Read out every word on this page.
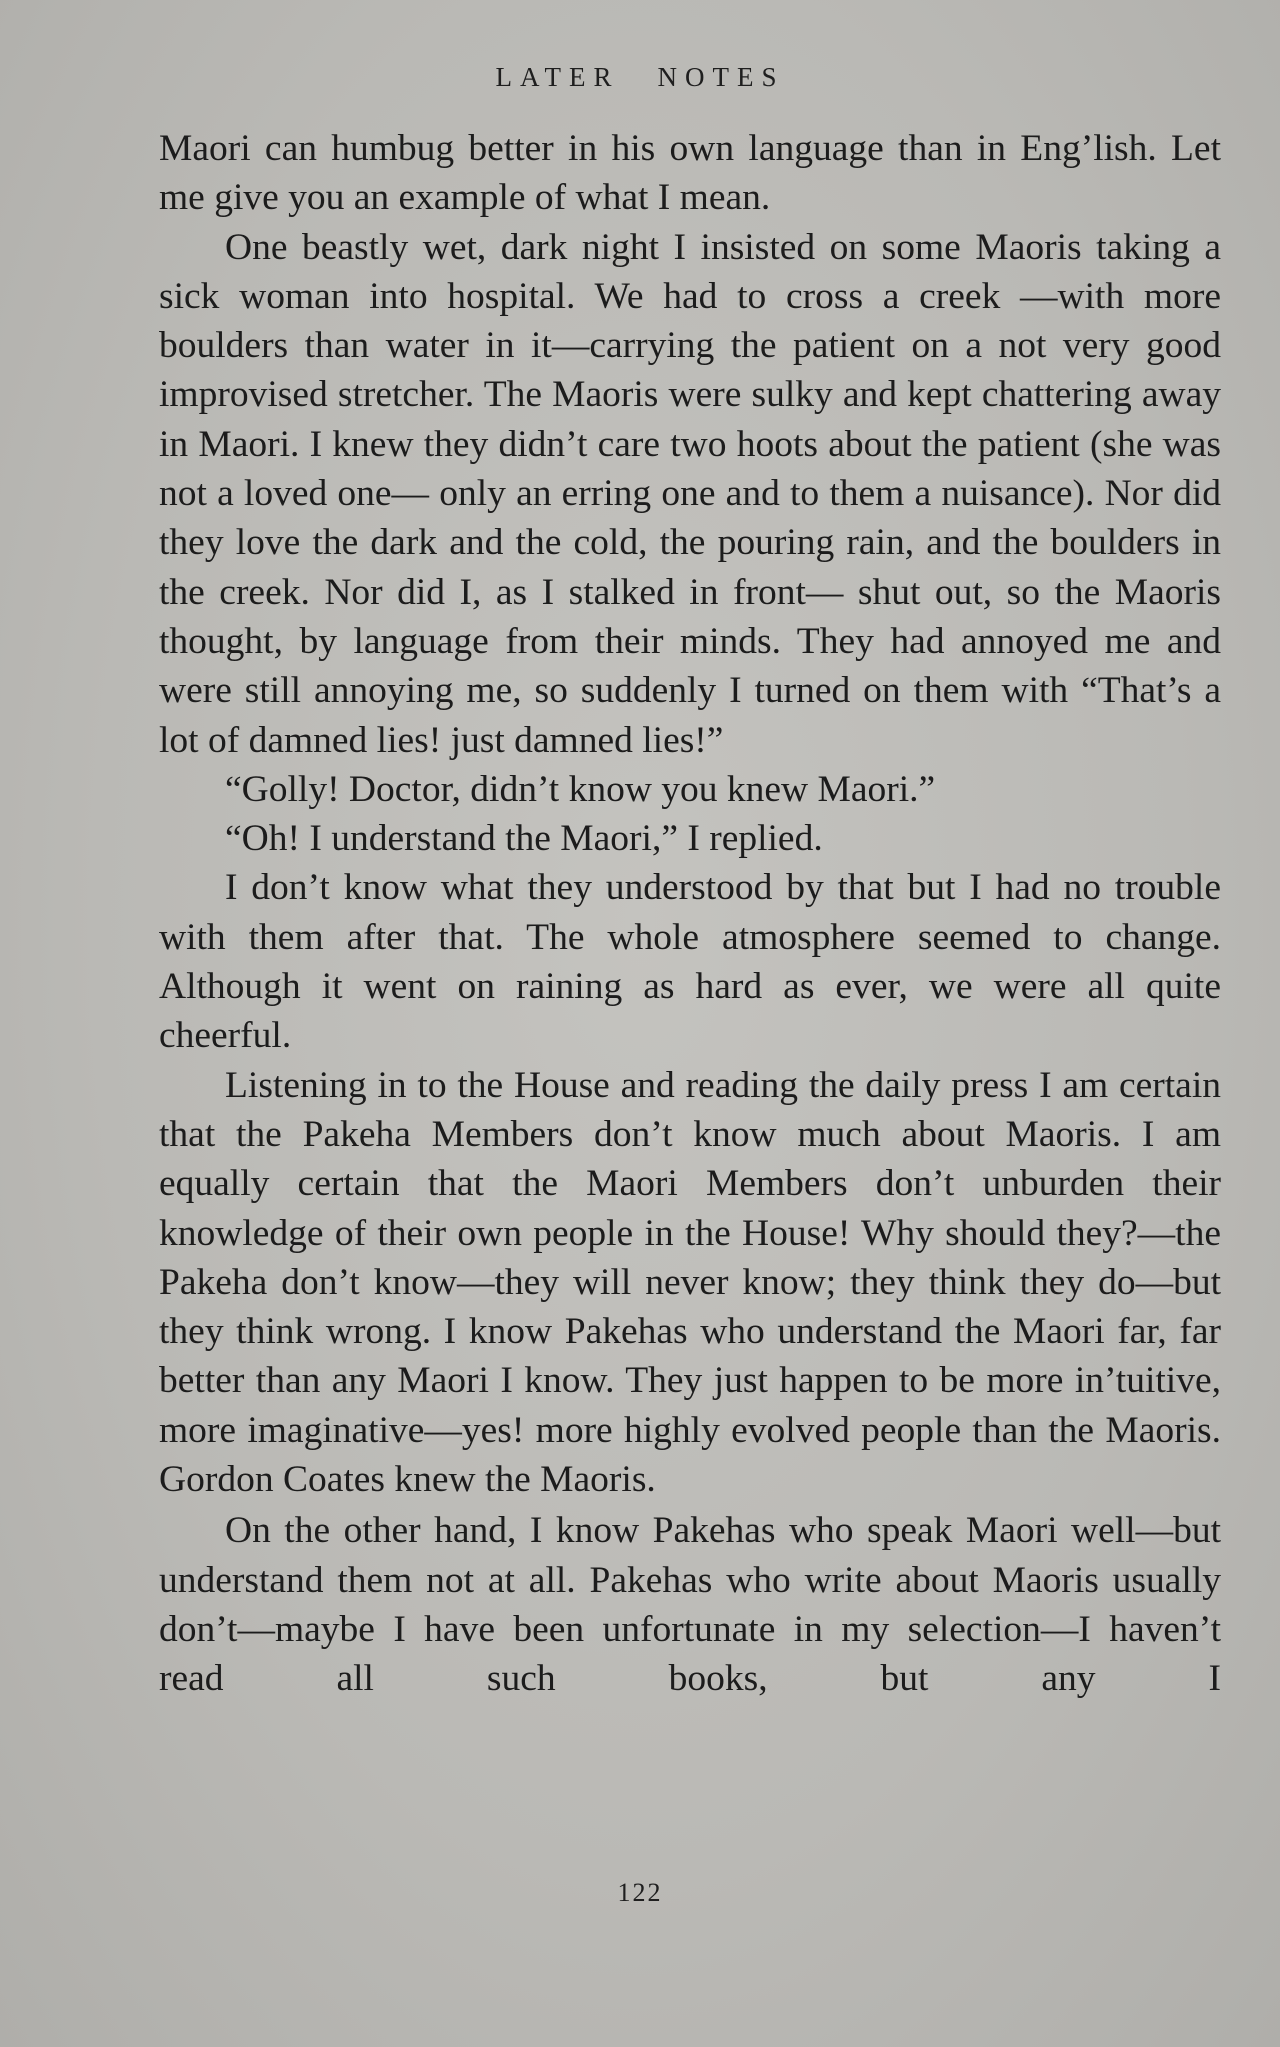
LATER NOTES

Maori can humbug better in his own language than in Eng’lish. Let me give you an example of what I mean.

One beastly wet, dark night I insisted on some Maoris taking a sick woman into hospital. We had to cross a creek —with more boulders than water in it—carrying the patient on a not very good improvised stretcher. The Maoris were sulky and kept chattering away in Maori. I knew they didn’t care two hoots about the patient (she was not a loved one— only an erring one and to them a nuisance). Nor did they love the dark and the cold, the pouring rain, and the boulders in the creek. Nor did I, as I stalked in front— shut out, so the Maoris thought, by language from their minds. They had annoyed me and were still annoying me, so suddenly I turned on them with “That’s a lot of damned lies! just damned lies!”

“Golly! Doctor, didn’t know you knew Maori.”

“Oh! I understand the Maori,” I replied.

I don’t know what they understood by that but I had no trouble with them after that. The whole atmosphere seemed to change. Although it went on raining as hard as ever, we were all quite cheerful.

Listening in to the House and reading the daily press I am certain that the Pakeha Members don’t know much about Maoris. I am equally certain that the Maori Members don’t unburden their knowledge of their own people in the House! Why should they?—the Pakeha don’t know—they will never know; they think they do—but they think wrong. I know Pakehas who understand the Maori far, far better than any Maori I know. They just happen to be more in’tuitive, more imaginative—yes! more highly evolved people than the Maoris. Gordon Coates knew the Maoris.

On the other hand, I know Pakehas who speak Maori well—but understand them not at all. Pakehas who write about Maoris usually don’t—maybe I have been unfortunate in my selection—I haven’t read all such books, but any I

122
